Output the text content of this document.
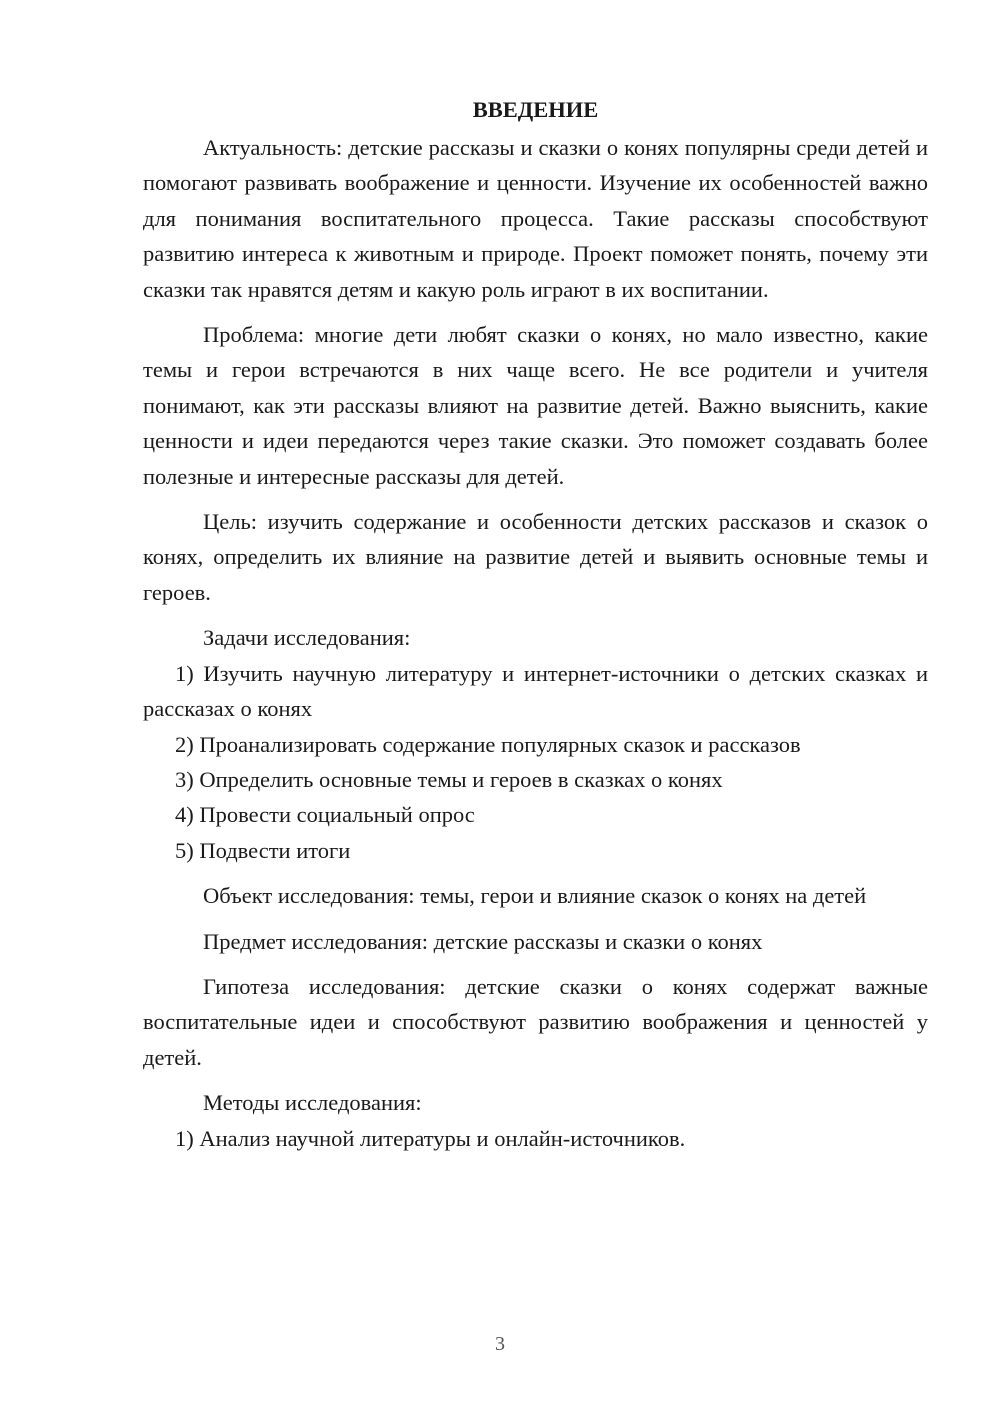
ВВЕДЕНИЕ

Актуальность: детские рассказы и сказки о конях популярны среди детей и помогают развивать воображение и ценности. Изучение их особенностей важно для понимания воспитательного процесса. Такие рассказы способствуют развитию интереса к животным и природе. Проект поможет понять, почему эти сказки так нравятся детям и какую роль играют в их воспитании.

Проблема: многие дети любят сказки о конях, но мало известно, какие темы и герои встречаются в них чаще всего. Не все родители и учителя понимают, как эти рассказы влияют на развитие детей. Важно выяснить, какие ценности и идеи передаются через такие сказки. Это поможет создавать более полезные и интересные рассказы для детей.

Цель: изучить содержание и особенности детских рассказов и сказок о конях, определить их влияние на развитие детей и выявить основные темы и героев.

Задачи исследования:

1) Изучить научную литературу и интернет-источники о детских сказках и рассказах о конях

2) Проанализировать содержание популярных сказок и рассказов

3) Определить основные темы и героев в сказках о конях

4) Провести социальный опрос

5) Подвести итоги

Объект исследования: темы, герои и влияние сказок о конях на детей

Предмет исследования: детские рассказы и сказки о конях

Гипотеза исследования: детские сказки о конях содержат важные воспитательные идеи и способствуют развитию воображения и ценностей у детей.

Методы исследования:

1) Анализ научной литературы и онлайн-источников.

3
